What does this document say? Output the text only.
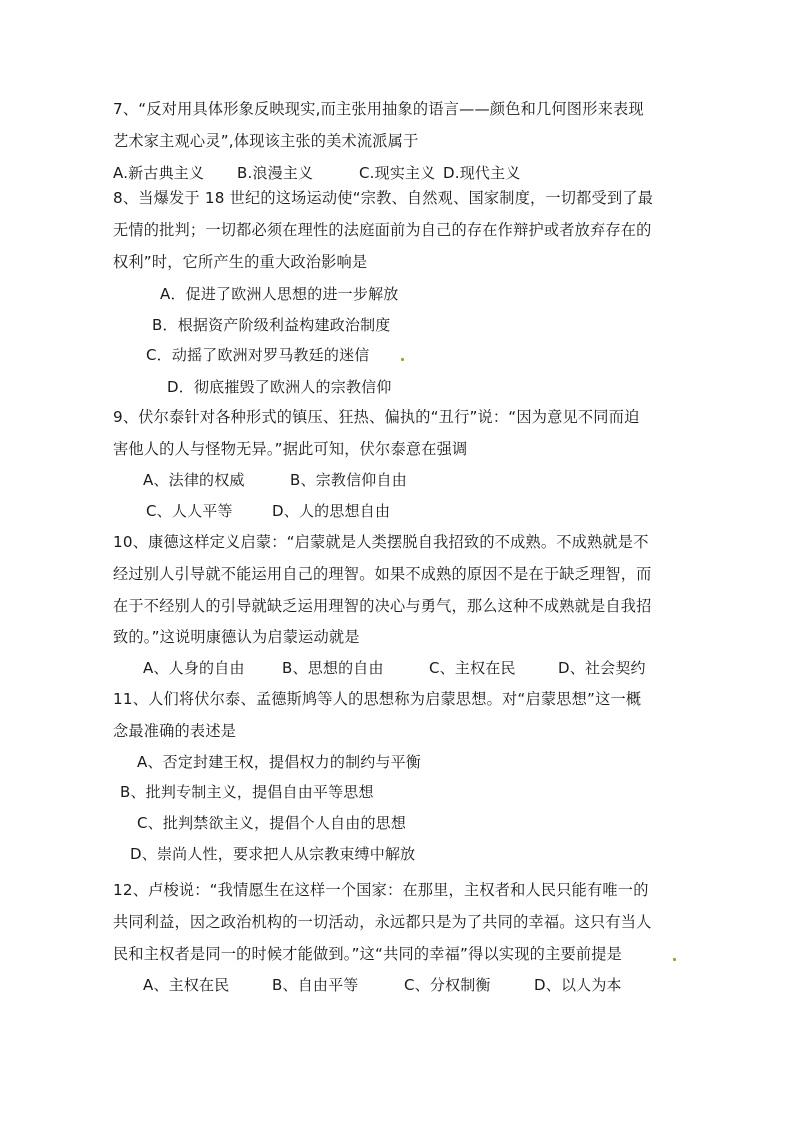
7、“反对用具体形象反映现实,而主张用抽象的语言——颜色和几何图形来表现
艺术家主观心灵”,体现该主张的美术流派属于
A.新古典主义 B.浪漫主义	C.现实主义 D.现代主义
8、当爆发于 18 世纪的这场运动使“宗教、自然观、国家制度，一切都受到了最
无情的批判；一切都必须在理性的法庭面前为自己的存在作辩护或者放弃存在的
权利”时，它所产生的重大政治影响是
A．促进了欧洲人思想的进一步解放
B．根据资产阶级利益构建政治制度
C．动摇了欧洲对罗马教廷的迷信
D．彻底摧毁了欧洲人的宗教信仰
9、伏尔泰针对各种形式的镇压、狂热、偏执的“丑行”说：“因为意见不同而迫
害他人的人与怪物无异。”据此可知，伏尔泰意在强调
A、法律的权威	B、宗教信仰自由
C、人人平等	D、人的思想自由
10、康德这样定义启蒙：“启蒙就是人类摆脱自我招致的不成熟。不成熟就是不
经过别人引导就不能运用自己的理智。如果不成熟的原因不是在于缺乏理智，而
在于不经别人的引导就缺乏运用理智的决心与勇气，那么这种不成熟就是自我招
致的。”这说明康德认为启蒙运动就是
A、人身的自由 B、思想的自由	C、主权在民	D、社会契约
11、人们将伏尔泰、孟德斯鸠等人的思想称为启蒙思想。对“启蒙思想”这一概
念最准确的表述是
A、否定封建王权，提倡权力的制约与平衡
B、批判专制主义，提倡自由平等思想
C、批判禁欲主义，提倡个人自由的思想
D、崇尚人性，要求把人从宗教束缚中解放
12、卢梭说：“我情愿生在这样一个国家：在那里，主权者和人民只能有唯一的
共同利益，因之政治机构的一切活动，永远都只是为了共同的幸福。这只有当人
民和主权者是同一的时候才能做到。”这“共同的幸福”得以实现的主要前提是
A、主权在民	B、自由平等	C、分权制衡	D、以人为本
